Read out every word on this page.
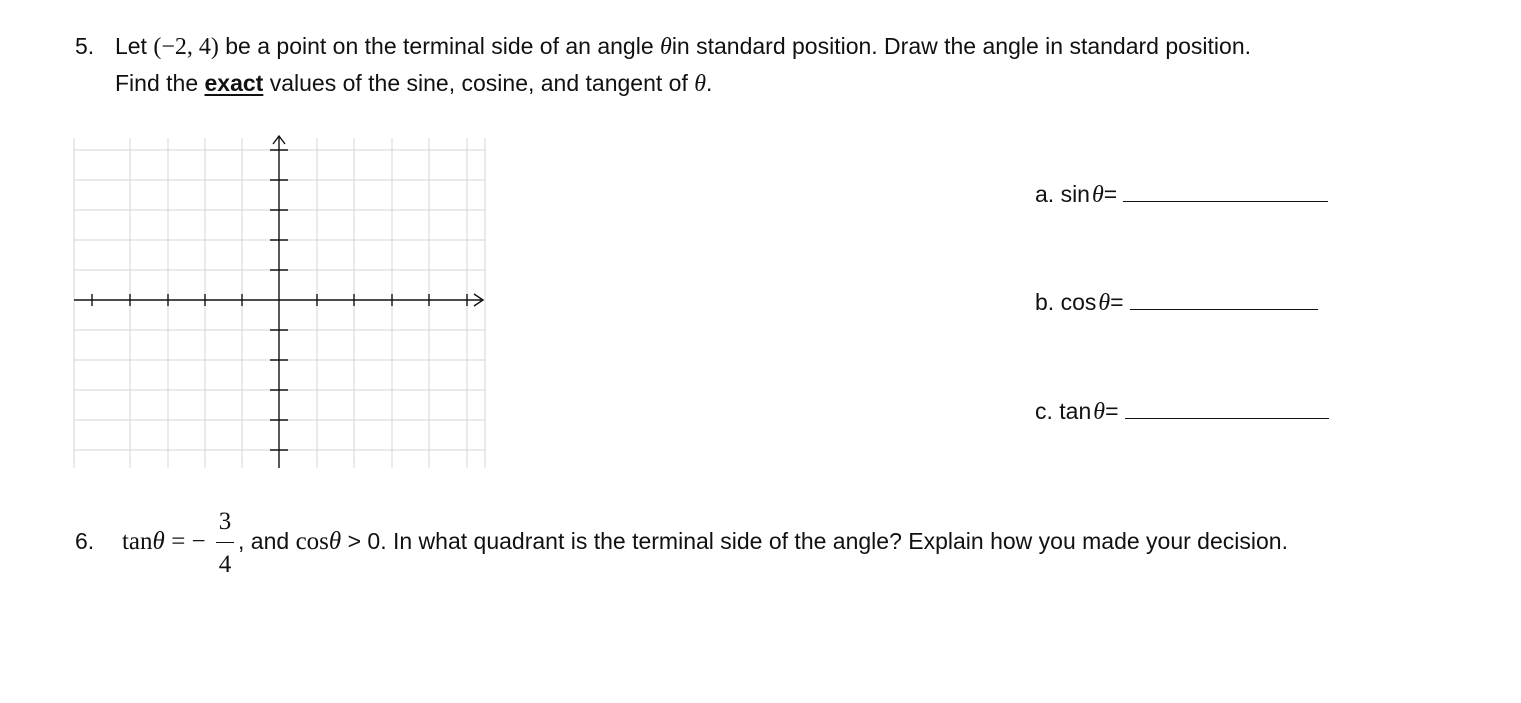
5. Let (−2, 4) be a point on the terminal side of an angle θin standard position. Draw the angle in standard position.
Find the exact values of the sine, cosine, and tangent of θ.
a. sinθ=
b. cosθ=
c. tanθ=
6. tanθ = − $\frac{3}{4}$ , and cosθ > 0. In what quadrant is the terminal side of the angle? Explain how you made your decision.
